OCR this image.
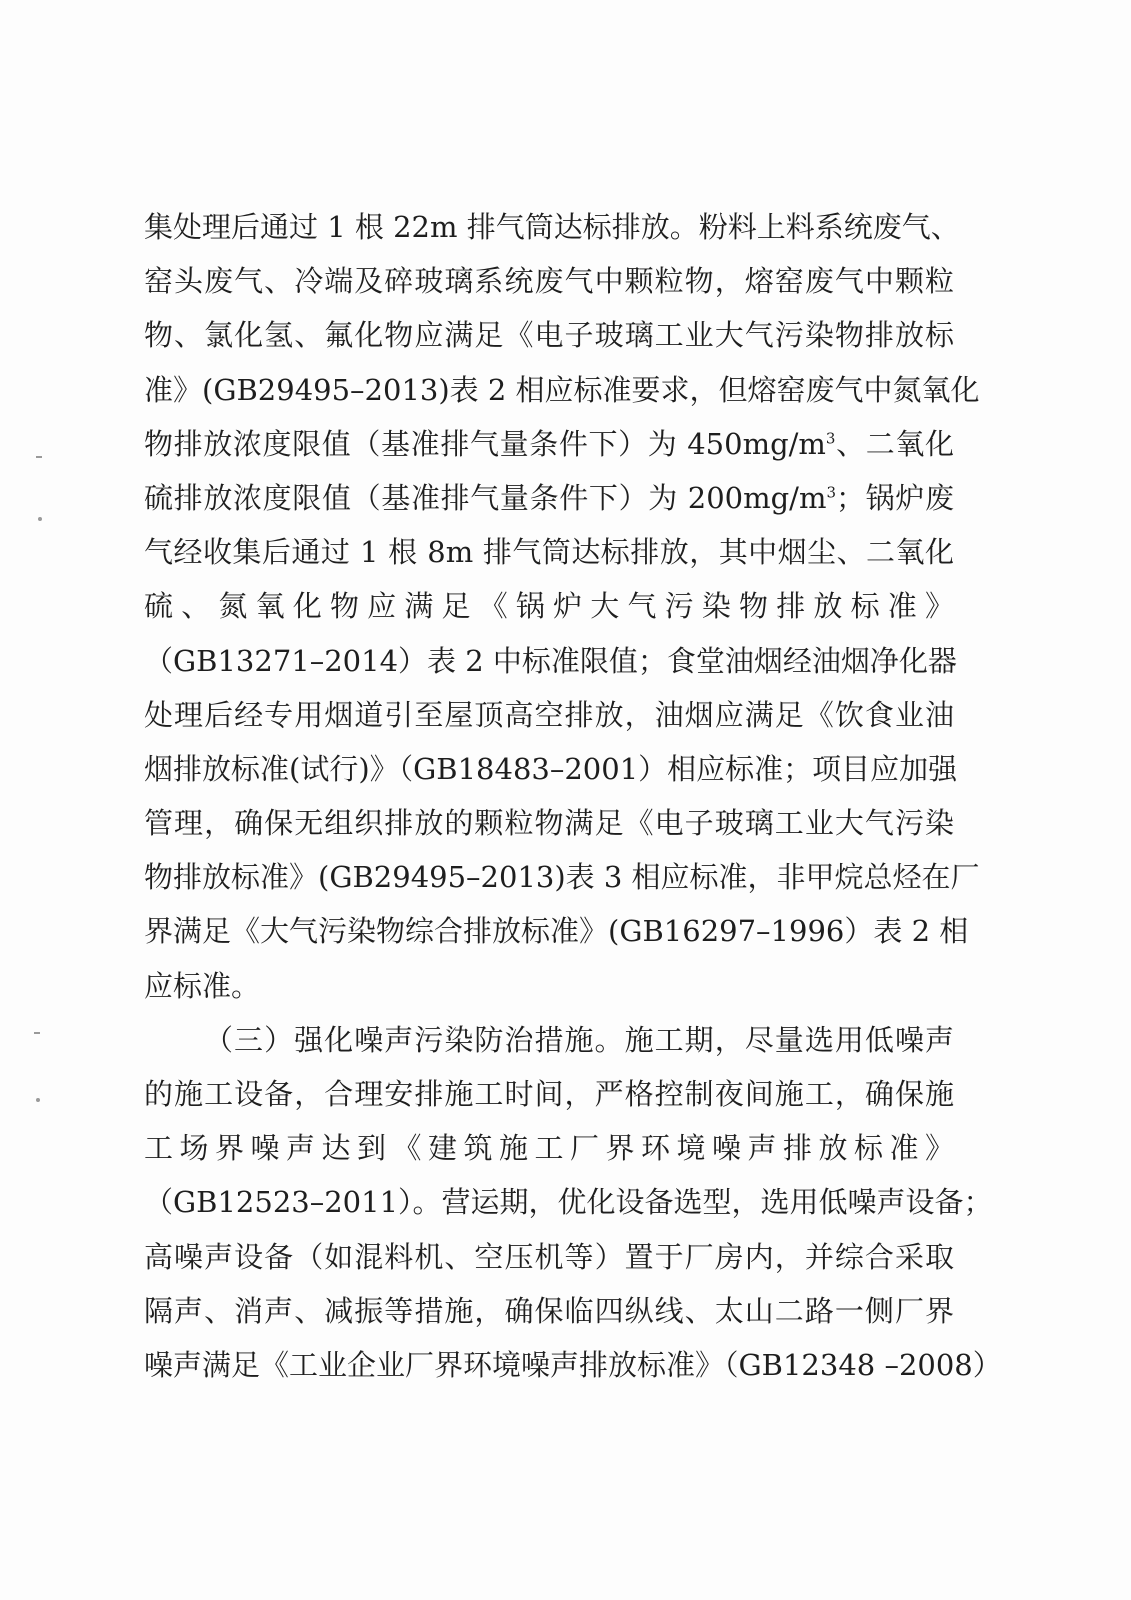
集处理后通过 1 根 22m 排气筒达标排放。粉料上料系统废气、
窑头废气、冷端及碎玻璃系统废气中颗粒物，熔窑废气中颗粒
物、氯化氢、氟化物应满足《电子玻璃工业大气污染物排放标
准》(GB29495–2013)表 2 相应标准要求，但熔窑废气中氮氧化
物排放浓度限值（基准排气量条件下）为 $450mg/m^3$、二氧化
硫排放浓度限值（基准排气量条件下）为 $200mg/m^3$；锅炉废
气经收集后通过 1 根 8m 排气筒达标排放，其中烟尘、二氧化
硫、氮氧化物应满足《锅炉大气污染物排放标准》
（GB13271–2014）表 2 中标准限值；食堂油烟经油烟净化器
处理后经专用烟道引至屋顶高空排放，油烟应满足《饮食业油
烟排放标准(试行)》（GB18483–2001）相应标准；项目应加强
管理，确保无组织排放的颗粒物满足《电子玻璃工业大气污染
物排放标准》(GB29495–2013)表 3 相应标准，非甲烷总烃在厂
界满足《大气污染物综合排放标准》(GB16297–1996）表 2 相
应标准。
（三）强化噪声污染防治措施。施工期，尽量选用低噪声
的施工设备，合理安排施工时间，严格控制夜间施工，确保施
工场界噪声达到《建筑施工厂界环境噪声排放标准》
（GB12523–2011）。营运期，优化设备选型，选用低噪声设备；
高噪声设备（如混料机、空压机等）置于厂房内，并综合采取
隔声、消声、减振等措施，确保临四纵线、太山二路一侧厂界
噪声满足《工业企业厂界环境噪声排放标准》（GB12348 –2008）
